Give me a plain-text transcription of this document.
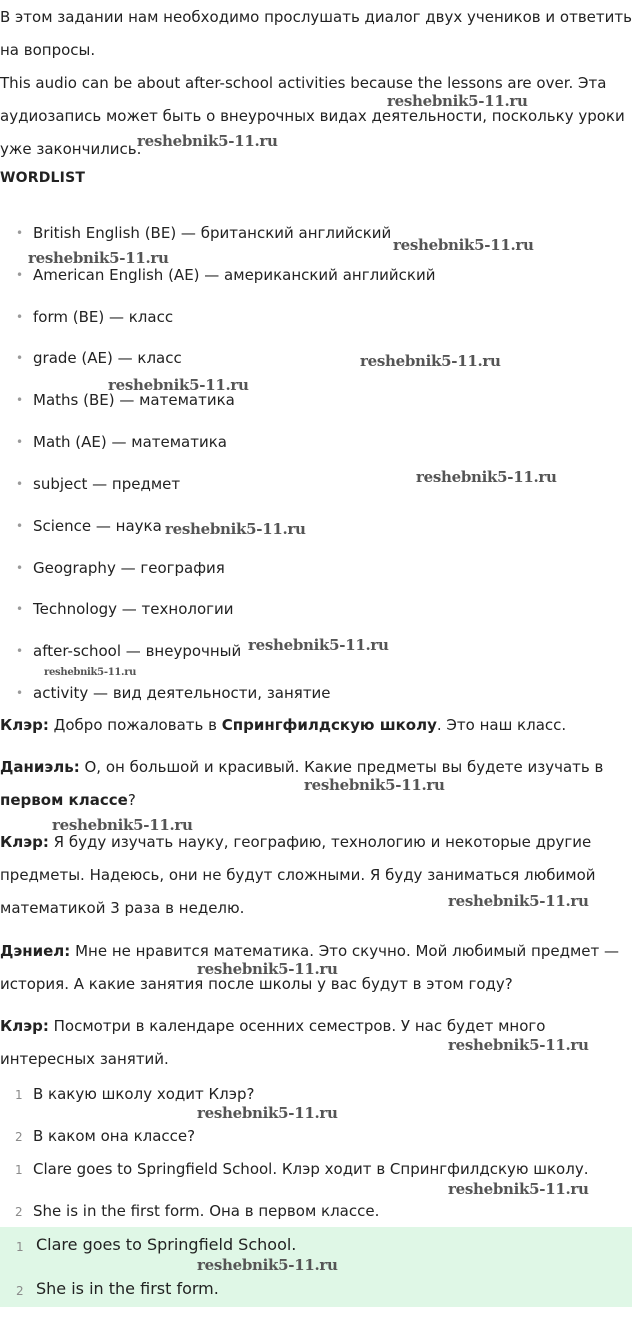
В этом задании нам необходимо прослушать диалог двух учеников и ответить на вопросы.

This audio can be about after-school activities because the lessons are over. Эта аудиозапись может быть о внеурочных видах деятельности, поскольку уроки уже закончились.

WORDLIST
• British English (BE) — британский английский
• American English (AE) — американский английский
• form (BE) — класс
• grade (AE) — класс
• Maths (BE) — математика
• Math (AE) — математика
• subject — предмет
• Science — наука
• Geography — география
• Technology — технологии
• after-school — внеурочный
• activity — вид деятельности, занятие

Клэр: Добро пожаловать в Спрингфилдскую школу. Это наш класс.

Даниэль: О, он большой и красивый. Какие предметы вы будете изучать в первом классе?

Клэр: Я буду изучать науку, географию, технологию и некоторые другие предметы. Надеюсь, они не будут сложными. Я буду заниматься любимой математикой 3 раза в неделю.

Дэниел: Мне не нравится математика. Это скучно. Мой любимый предмет — история. А какие занятия после школы у вас будут в этом году?

Клэр: Посмотри в календаре осенних семестров. У нас будет много интересных занятий.

1 В какую школу ходит Клэр?
2 В каком она классе?
1 Clare goes to Springfield School. Клэр ходит в Спрингфилдскую школу.
2 She is in the first form. Она в первом классе.
1 Clare goes to Springfield School.
2 She is in the first form.
reshebnik5-11.ru
reshebnik5-11.ru
reshebnik5-11.ru
reshebnik5-11.ru
reshebnik5-11.ru
reshebnik5-11.ru
reshebnik5-11.ru
reshebnik5-11.ru
reshebnik5-11.ru
reshebnik5-11.ru
reshebnik5-11.ru
reshebnik5-11.ru
reshebnik5-11.ru
reshebnik5-11.ru
reshebnik5-11.ru
reshebnik5-11.ru
reshebnik5-11.ru
reshebnik5-11.ru
